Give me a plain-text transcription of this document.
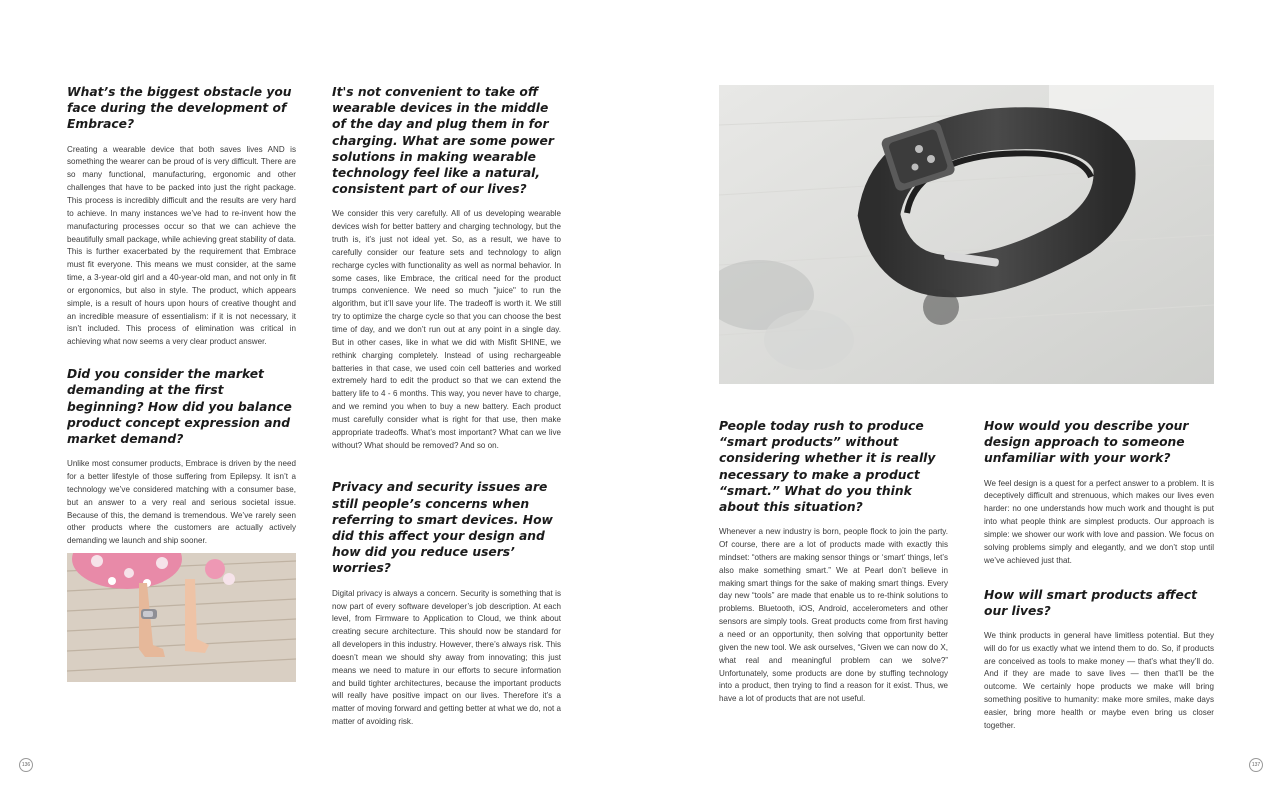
What’s the biggest obstacle you face during the development of Embrace?

Creating a wearable device that both saves lives AND is something the wearer can be proud of is very difficult. There are so many functional, manufacturing, ergonomic and other challenges that have to be packed into just the right package. This process is incredibly difficult and the results are very hard to achieve. In many instances we’ve had to re-invent how the manufacturing processes occur so that we can achieve the beautifully small package, while achieving great stability of data. This is further exacerbated by the requirement that Embrace must fit everyone. This means we must consider, at the same time, a 3-year-old girl and a 40-year-old man, and not only in fit or ergonomics, but also in style. The product, which appears simple, is a result of hours upon hours of creative thought and an incredible measure of essentialism: if it is not necessary, it isn’t included. This process of elimination was critical in achieving what now seems a very clear product answer.

Did you consider the market demanding at the first beginning? How did you balance product concept expression and market demand?

Unlike most consumer products, Embrace is driven by the need for a better lifestyle of those suffering from Epilepsy. It isn’t a technology we’ve considered matching with a consumer base, but an answer to a very real and serious societal issue. Because of this, the demand is tremendous. We’ve rarely seen other products where the customers are actually actively demanding we launch and ship sooner.

It's not convenient to take off wearable devices in the middle of the day and plug them in for charging. What are some power solutions in making wearable technology feel like a natural, consistent part of our lives?

We consider this very carefully. All of us developing wearable devices wish for better battery and charging technology, but the truth is, it’s just not ideal yet. So, as a result, we have to carefully consider our feature sets and technology to align recharge cycles with functionality as well as normal behavior. In some cases, like Embrace, the critical need for the product trumps convenience. We need so much "juice" to run the algorithm, but it’ll save your life. The tradeoff is worth it. We still try to optimize the charge cycle so that you can choose the best time of day, and we don’t run out at any point in a single day. But in other cases, like in what we did with Misfit SHINE, we rethink charging completely. Instead of using rechargeable batteries in that case, we used coin cell batteries and worked extremely hard to edit the product so that we can extend the battery life to 4 - 6 months. This way, you never have to charge, and we remind you when to buy a new battery. Each product must carefully consider what is right for that use, then make appropriate tradeoffs. What’s most important? What can we live without? What should be removed? And so on.

Privacy and security issues are still people’s concerns when referring to smart devices. How did this affect your design and how did you reduce users’ worries?

Digital privacy is always a concern. Security is something that is now part of every software developer’s job description. At each level, from Firmware to Application to Cloud, we think about creating secure architecture. This should now be standard for all developers in this industry. However, there’s always risk. This doesn’t mean we should shy away from innovating; this just means we need to mature in our efforts to secure information and build tighter architectures, because the important products will really have positive impact on our lives. Therefore it’s a matter of moving forward and getting better at what we do, not a matter of avoiding risk.

136
People today rush to produce “smart products” without considering whether it is really necessary to make a product “smart.” What do you think about this situation?

Whenever a new industry is born, people flock to join the party. Of course, there are a lot of products made with exactly this mindset: “others are making sensor things or ‘smart’ things, let’s also make something smart.” We at Pearl don’t believe in making smart things for the sake of making smart things. Every day new “tools” are made that enable us to re-think solutions to problems. Bluetooth, iOS, Android, accelerometers and other sensors are simply tools. Great products come from first having a need or an opportunity, then solving that opportunity better given the new tool. We ask ourselves, “Given we can now do X, what real and meaningful problem can we solve?” Unfortunately, some products are done by stuffing technology into a product, then trying to find a reason for it exist. Thus, we have a lot of products that are not useful.

How would you describe your design approach to someone unfamiliar with your work?

We feel design is a quest for a perfect answer to a problem. It is deceptively difficult and strenuous, which makes our lives even harder: no one understands how much work and thought is put into what people think are simplest products. Our approach is simple: we shower our work with love and passion. We focus on solving problems simply and elegantly, and we don’t stop until we’ve achieved just that.

How will smart products affect our lives?

We think products in general have limitless potential. But they will do for us exactly what we intend them to do. So, if products are conceived as tools to make money — that’s what they’ll do. And if they are made to save lives — then that’ll be the outcome. We certainly hope products we make will bring something positive to humanity: make more smiles, make days easier, bring more health or maybe even bring us closer together.

137
